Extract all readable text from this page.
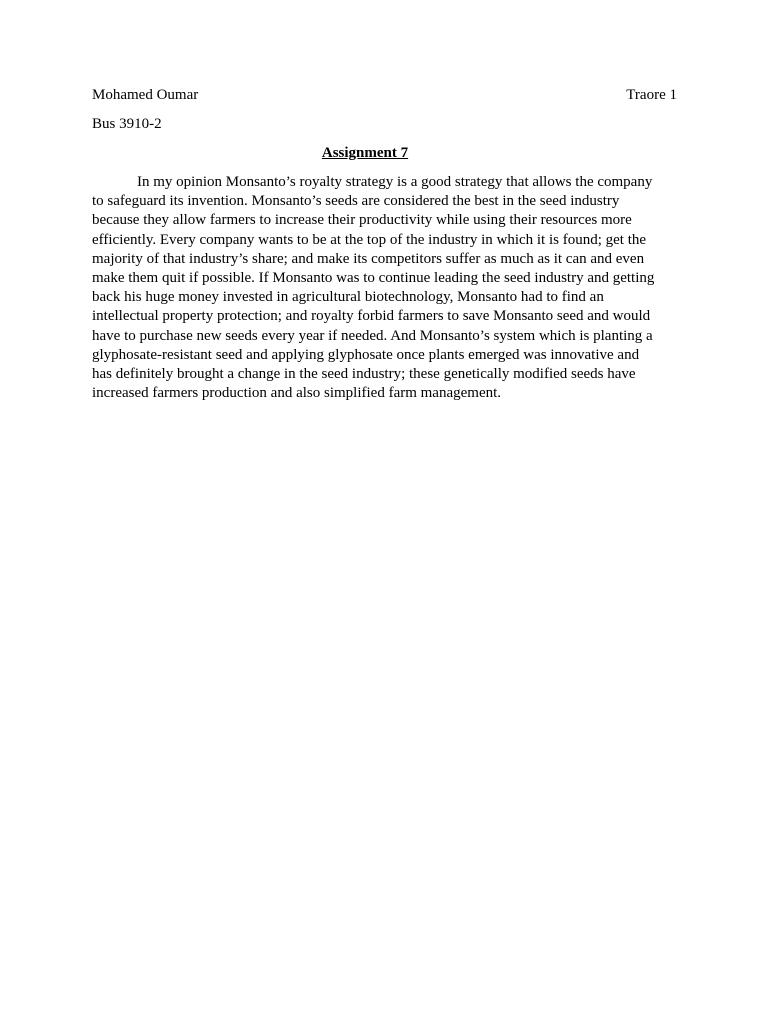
Mohamed Oumar	Traore 1
Bus 3910-2
Assignment 7
In my opinion Monsanto’s royalty strategy is a good strategy that allows the company
to safeguard its invention. Monsanto’s seeds are considered the best in the seed industry
because they allow farmers to increase their productivity while using their resources more
efficiently. Every company wants to be at the top of the industry in which it is found; get the
majority of that industry’s share; and make its competitors suffer as much as it can and even
make them quit if possible. If Monsanto was to continue leading the seed industry and getting
back his huge money invested in agricultural biotechnology, Monsanto had to find an
intellectual property protection; and royalty forbid farmers to save Monsanto seed and would
have to purchase new seeds every year if needed. And Monsanto’s system which is planting a
glyphosate-resistant seed and applying glyphosate once plants emerged was innovative and
has definitely brought a change in the seed industry; these genetically modified seeds have
increased farmers production and also simplified farm management.
